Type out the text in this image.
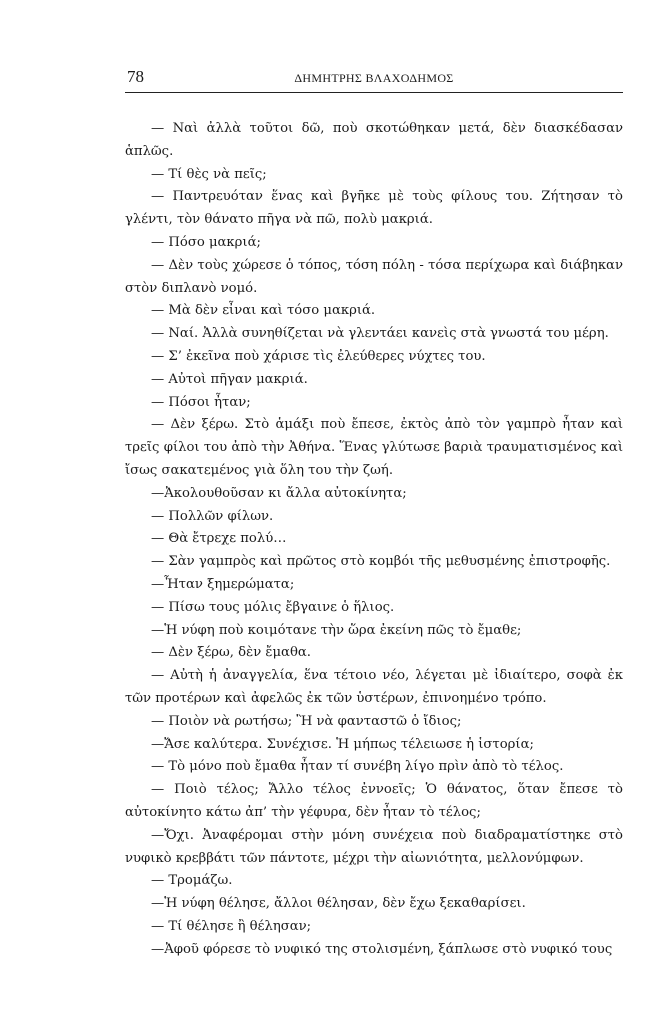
78	ΔΗΜΗΤΡΗΣ ΒΛΑΧΟΔΗΜΟΣ

— Ναὶ ἀλλὰ τοῦτοι δῶ, ποὺ σκοτώθηκαν μετά, δὲν διασκέδασαν ἁπλῶς.

— Τί θὲς νὰ πεῖς;

— Παντρευόταν ἕνας καὶ βγῆκε μὲ τοὺς φίλους του. Ζήτησαν τὸ γλέντι, τὸν θάνατο πῆγα νὰ πῶ, πολὺ μακριά.

— Πόσο μακριά;

— Δὲν τοὺς χώρεσε ὁ τόπος, τόση πόλη - τόσα περίχωρα καὶ διάβηκαν στὸν διπλανὸ νομό.

— Μὰ δὲν εἶναι καὶ τόσο μακριά.

— Ναί. Ἀλλὰ συνηθίζεται νὰ γλεντάει κανεὶς στὰ γνωστά του μέρη.

— Σ’ ἐκεῖνα ποὺ χάρισε τὶς ἐλεύθερες νύχτες του.

— Αὐτοὶ πῆγαν μακριά.

— Πόσοι ἦταν;

— Δὲν ξέρω. Στὸ ἁμάξι ποὺ ἔπεσε, ἐκτὸς ἀπὸ τὸν γαμπρὸ ἦταν καὶ τρεῖς φίλοι του ἀπὸ τὴν Ἀθήνα. Ἕνας γλύτωσε βαριὰ τραυματισμένος καὶ ἴσως σακατεμένος γιὰ ὅλη του τὴν ζωή.

—Ἀκολουθοῦσαν κι ἄλλα αὐτοκίνητα;

— Πολλῶν φίλων.

— Θὰ ἔτρεχε πολύ…

— Σὰν γαμπρὸς καὶ πρῶτος στὸ κομβόι τῆς μεθυσμένης ἐπιστροφῆς.

—Ἦταν ξημερώματα;

— Πίσω τους μόλις ἔβγαινε ὁ ἥλιος.

—Ἡ νύφη ποὺ κοιμότανε τὴν ὥρα ἐκείνη πῶς τὸ ἔμαθε;

— Δὲν ξέρω, δὲν ἔμαθα.

— Αὐτὴ ἡ ἀναγγελία, ἕνα τέτοιο νέο, λέγεται μὲ ἰδιαίτερο, σοφὰ ἐκ τῶν προτέρων καὶ ἀφελῶς ἐκ τῶν ὑστέρων, ἐπινοημένο τρόπο.

— Ποιὸν νὰ ρωτήσω; Ἢ νὰ φανταστῶ ὁ ἴδιος;

—Ἄσε καλύτερα. Συνέχισε. Ἡ μήπως τέλειωσε ἡ ἱστορία;

— Τὸ μόνο ποὺ ἔμαθα ἦταν τί συνέβη λίγο πρὶν ἀπὸ τὸ τέλος.

— Ποιὸ τέλος; Ἄλλο τέλος ἐννοεῖς; Ὁ θάνατος, ὅταν ἔπεσε τὸ αὐτοκίνητο κάτω ἀπ’ τὴν γέφυρα, δὲν ἦταν τὸ τέλος;

—Ὄχι. Ἀναφέρομαι στὴν μόνη συνέχεια ποὺ διαδραματίστηκε στὸ νυφικὸ κρεββάτι τῶν πάντοτε, μέχρι τὴν αἰωνιότητα, μελλονύμφων.

— Τρομάζω.

—Ἡ νύφη θέλησε, ἄλλοι θέλησαν, δὲν ἔχω ξεκαθαρίσει.

— Τί θέλησε ἢ θέλησαν;

—Ἀφοῦ φόρεσε τὸ νυφικό της στολισμένη, ξάπλωσε στὸ νυφικό τους
